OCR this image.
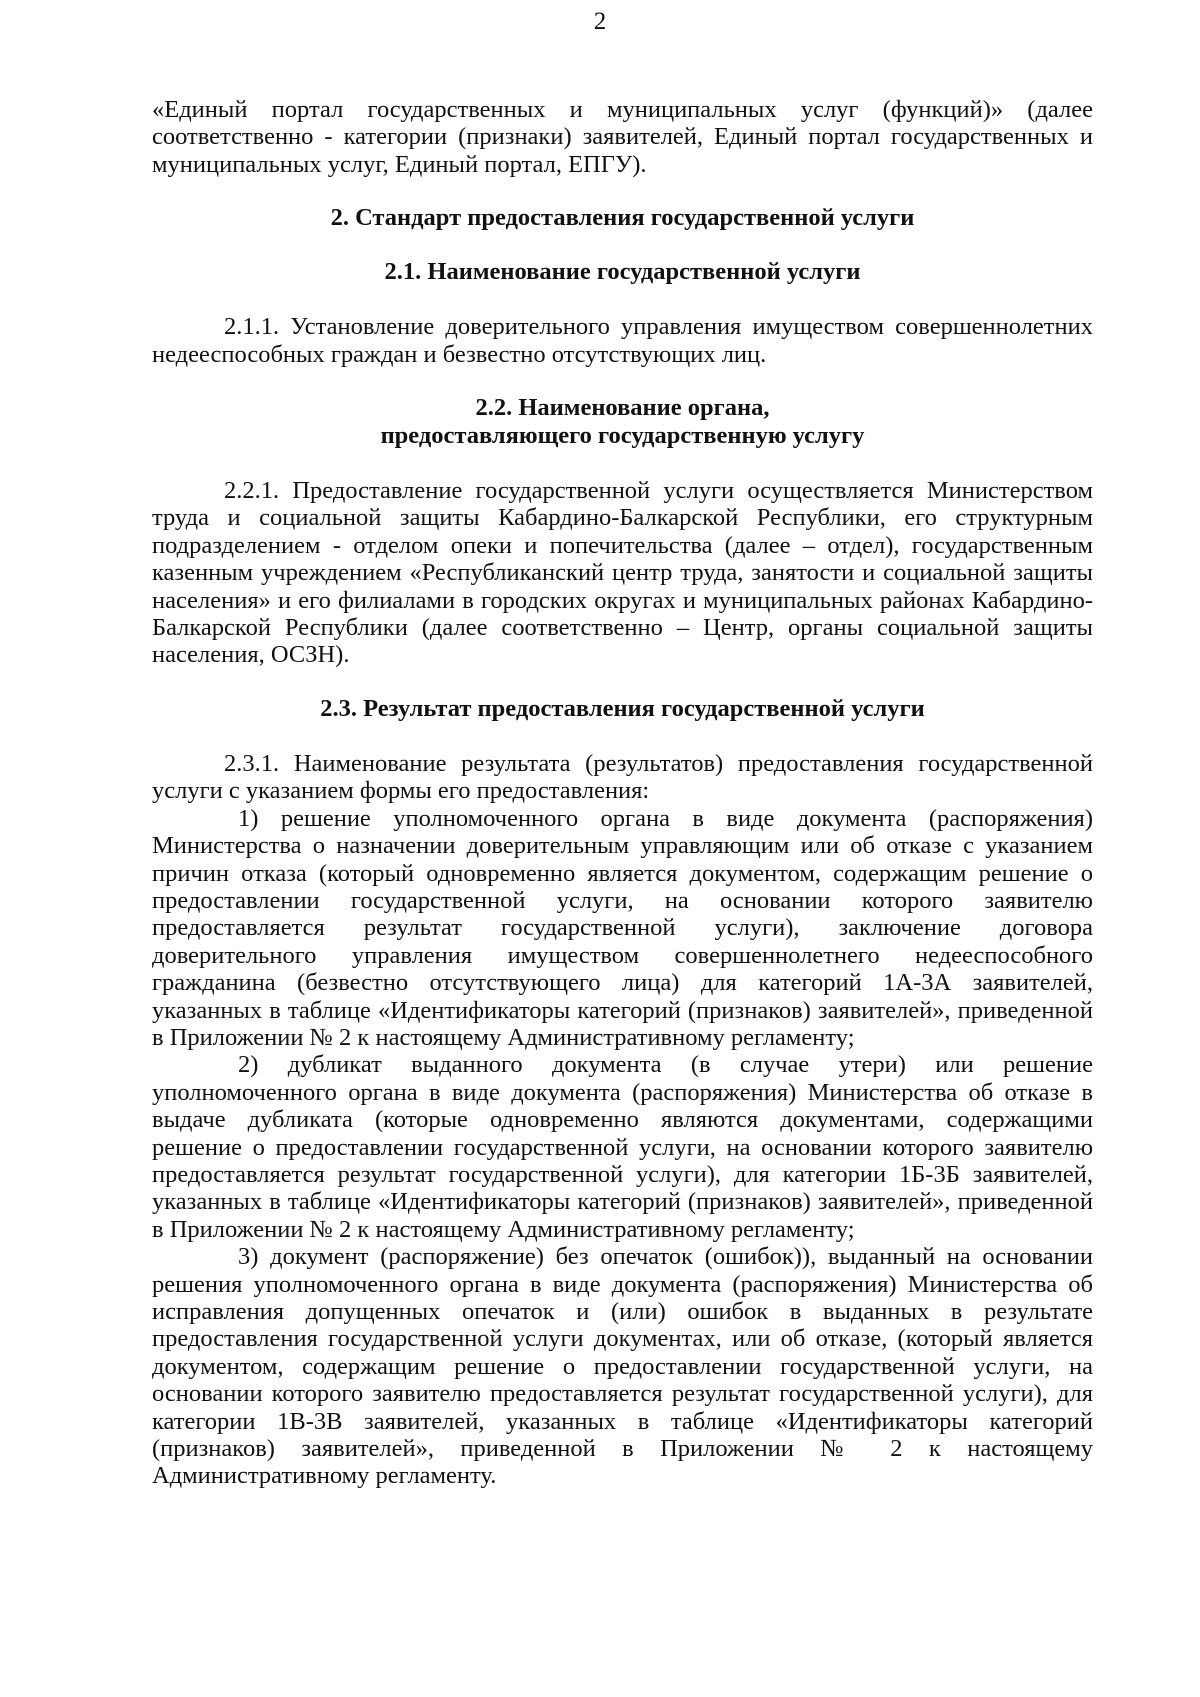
2

«Единый портал государственных и муниципальных услуг (функций)» (далее соответственно - категории (признаки) заявителей, Единый портал государственных и муниципальных услуг, Единый портал, ЕПГУ).

2. Стандарт предоставления государственной услуги
2.1. Наименование государственной услуги

2.1.1. Установление доверительного управления имуществом совершеннолетних недееспособных граждан и безвестно отсутствующих лиц.

2.2. Наименование органа,
предоставляющего государственную услугу

2.2.1. Предоставление государственной услуги осуществляется Министерством труда и социальной защиты Кабардино-Балкарской Республики, его структурным подразделением - отделом опеки и попечительства (далее – отдел), государственным казенным учреждением «Республиканский центр труда, занятости и социальной защиты населения» и его филиалами в городских округах и муниципальных районах Кабардино-Балкарской Республики (далее соответственно – Центр, органы социальной защиты населения, ОСЗН).

2.3. Результат предоставления государственной услуги

2.3.1. Наименование результата (результатов) предоставления государственной услуги с указанием формы его предоставления:

1) решение уполномоченного органа в виде документа (распоряжения) Министерства о назначении доверительным управляющим или об отказе с указанием причин отказа (который одновременно является документом, содержащим решение о предоставлении государственной услуги, на основании которого заявителю предоставляется результат государственной услуги), заключение договора доверительного управления имуществом совершеннолетнего недееспособного гражданина (безвестно отсутствующего лица) для категорий 1А-3А заявителей, указанных в таблице «Идентификаторы категорий (признаков) заявителей», приведенной в Приложении № 2 к настоящему Административному регламенту;

2) дубликат выданного документа (в случае утери) или решение уполномоченного органа в виде документа (распоряжения) Министерства об отказе в выдаче дубликата (которые одновременно являются документами, содержащими решение о предоставлении государственной услуги, на основании которого заявителю предоставляется результат государственной услуги), для категории 1Б-3Б заявителей, указанных в таблице «Идентификаторы категорий (признаков) заявителей», приведенной в Приложении № 2 к настоящему Административному регламенту;

3) документ (распоряжение) без опечаток (ошибок)), выданный на основании решения уполномоченного органа в виде документа (распоряжения) Министерства об исправления допущенных опечаток и (или) ошибок в выданных в результате предоставления государственной услуги документах, или об отказе, (который является документом, содержащим решение о предоставлении государственной услуги, на основании которого заявителю предоставляется результат государственной услуги), для категории 1В-3В заявителей, указанных в таблице «Идентификаторы категорий (признаков) заявителей», приведенной в Приложении № 2 к настоящему Административному регламенту.
